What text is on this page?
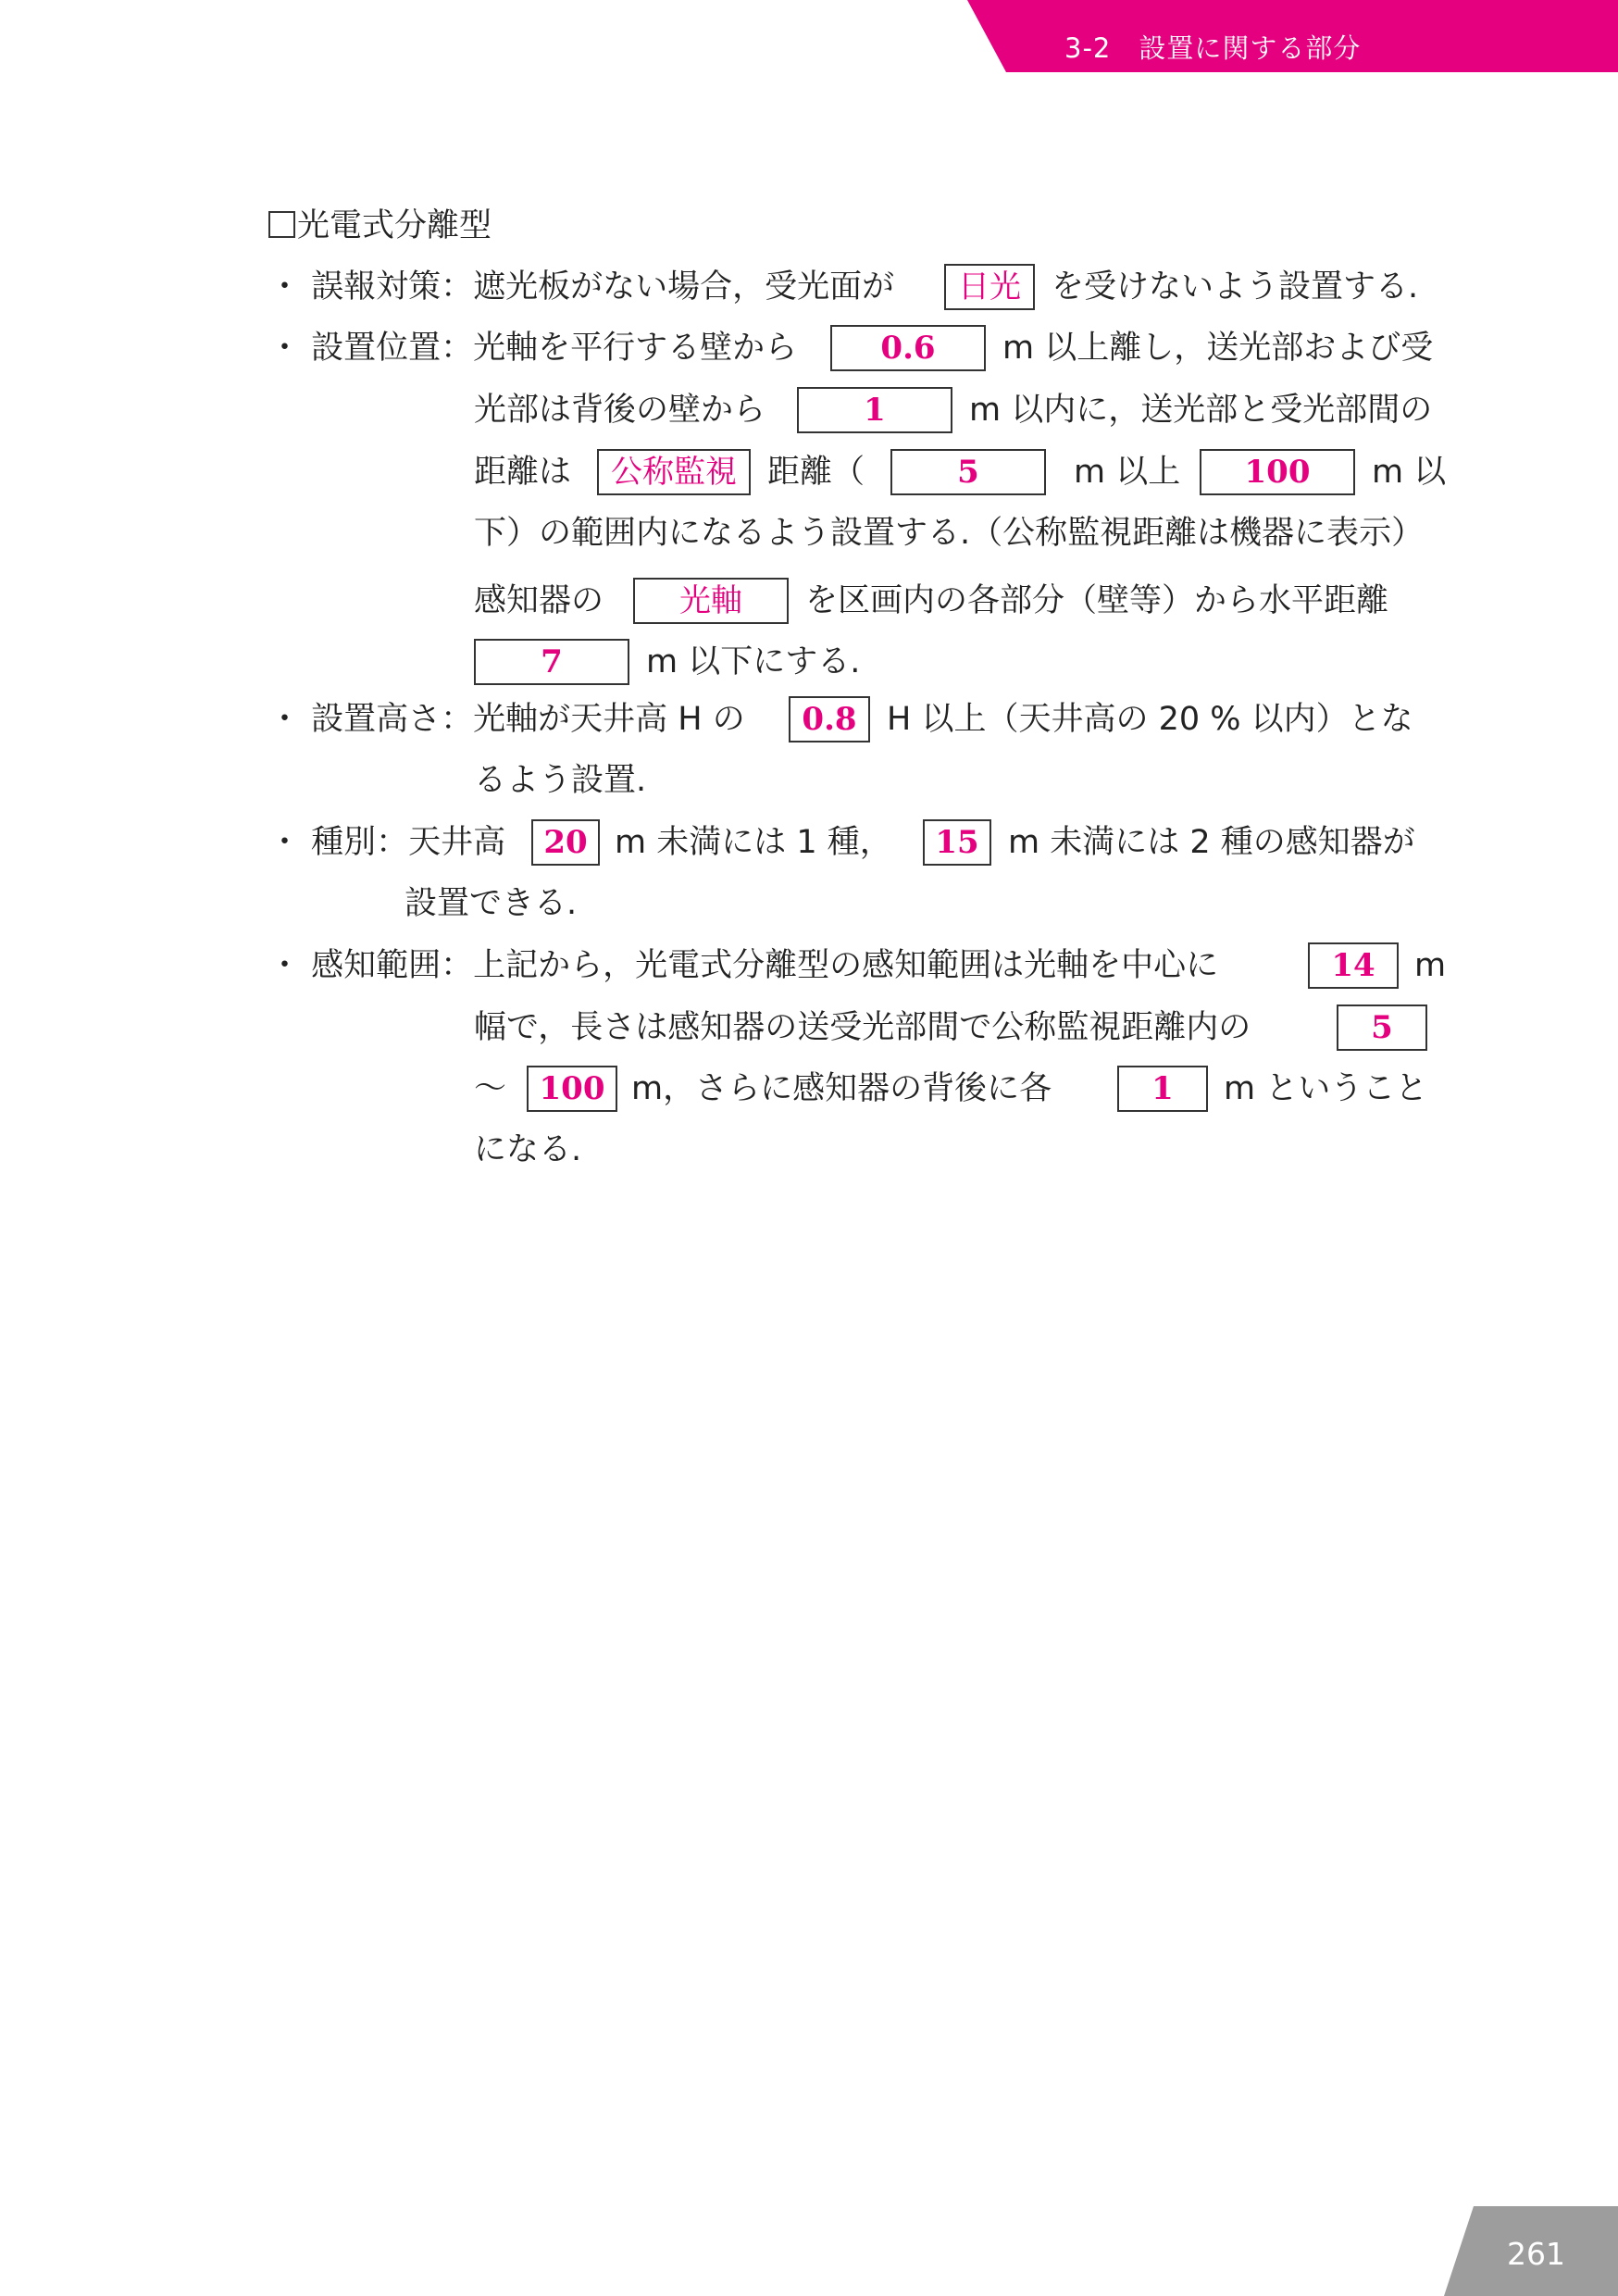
3-2　設置に関する部分
光電式分離型
・ 誤報対策：遮光板がない場合，受光面が	日光 を受けないよう設置する.
・ 設置位置：光軸を平行する壁から	0.6	m 以上離し，送光部および受
光部は背後の壁から	1	m 以内に，送光部と受光部間の
距離は	公称監視 距離（	5	m 以上	100	m 以
下）の範囲内になるよう設置する.（公称監視距離は機器に表示）
感知器の	光軸	を区画内の各部分（壁等）から水平距離
7	m 以下にする.
・ 設置高さ：光軸が天井高 H の	0.8 H 以上（天井高の 20 % 以内）とな
るよう設置.
・ 種別：天井高	20 m 未満には 1 種，	15 m 未満には 2 種の感知器が
設置できる.
・ 感知範囲：上記から，光電式分離型の感知範囲は光軸を中心に	14	m
幅で，長さは感知器の送受光部間で公称監視距離内の	5
～	100 m，さらに感知器の背後に各	1	m ということ
になる.
261
